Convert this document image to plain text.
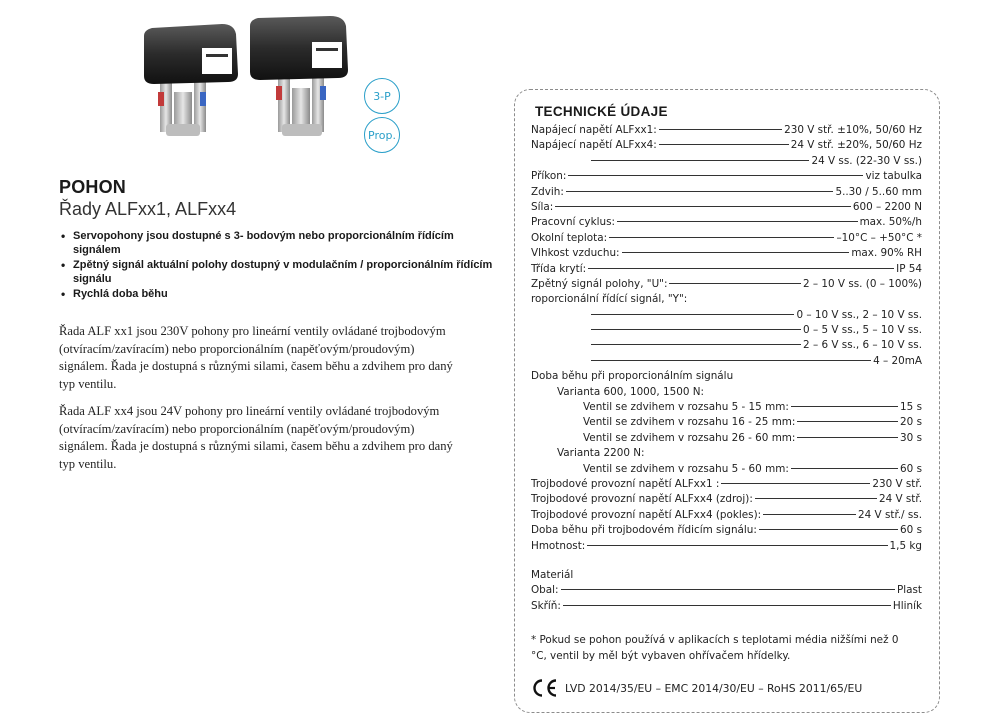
3-P
Prop.
POHON
Řady ALFxx1, ALFxx4
• Servopohony jsou dostupné s 3- bodovým nebo proporcionálním řídícím signálem
• Zpětný signál aktuální polohy dostupný v modulačním / proporcionálním řídícím signálu
• Rychlá doba běhu

Řada ALF xx1 jsou 230V pohony pro lineární ventily ovládané trojbodovým (otvíracím/zavíracím) nebo proporcionálním (napěťovým/proudovým) signálem. Řada je dostupná s různými silami, časem běhu a zdvihem pro daný typ ventilu.

Řada ALF xx4 jsou 24V pohony pro lineární ventily ovládané trojbodovým (otvíracím/zavíracím) nebo proporcionálním (napěťovým/proudovým) signálem. Řada je dostupná s různými silami, časem běhu a zdvihem pro daný typ ventilu.

TECHNICKÉ ÚDAJE
Napájecí napětí ALFxx1:	230 V stř. ±10%, 50/60 Hz
Napájecí napětí ALFxx4:	24 V stř. ±20%, 50/60 Hz
24 V ss. (22-30 V ss.)
Příkon:	viz tabulka
Zdvih:	5..30 / 5..60 mm
Síla:	600 – 2200 N
Pracovní cyklus:	max. 50%/h
Okolní teplota:	–10°C – +50°C *
Vlhkost vzduchu:	max. 90% RH
Třída krytí:	IP 54
Zpětný signál polohy, "U":	2 – 10 V ss. (0 – 100%)
roporcionální řídící signál, "Y":
0 – 10 V ss., 2 – 10 V ss.
0 – 5 V ss., 5 – 10 V ss.
2 – 6 V ss., 6 – 10 V ss.
4 – 20mA
Doba běhu při proporcionálním signálu
Varianta 600, 1000, 1500 N:
Ventil se zdvihem v rozsahu 5 - 15 mm:	15 s
Ventil se zdvihem v rozsahu 16 - 25 mm:	20 s
Ventil se zdvihem v rozsahu 26 - 60 mm:	30 s
Varianta 2200 N:
Ventil se zdvihem v rozsahu 5 - 60 mm:	60 s
Trojbodové provozní napětí ALFxx1 :	230 V stř.
Trojbodové provozní napětí ALFxx4 (zdroj):	24 V stř.
Trojbodové provozní napětí ALFxx4 (pokles):	24 V stř./ ss.
Doba běhu při trojbodovém řídicím signálu:	60 s
Hmotnost:	1,5 kg
Materiál
Obal:	Plast
Skříň:	Hliník

* Pokud se pohon používá v aplikacích s teplotami média nižšími než 0 °C, ventil by měl být vybaven ohřívačem hřídelky.

LVD 2014/35/EU – EMC 2014/30/EU – RoHS 2011/65/EU
